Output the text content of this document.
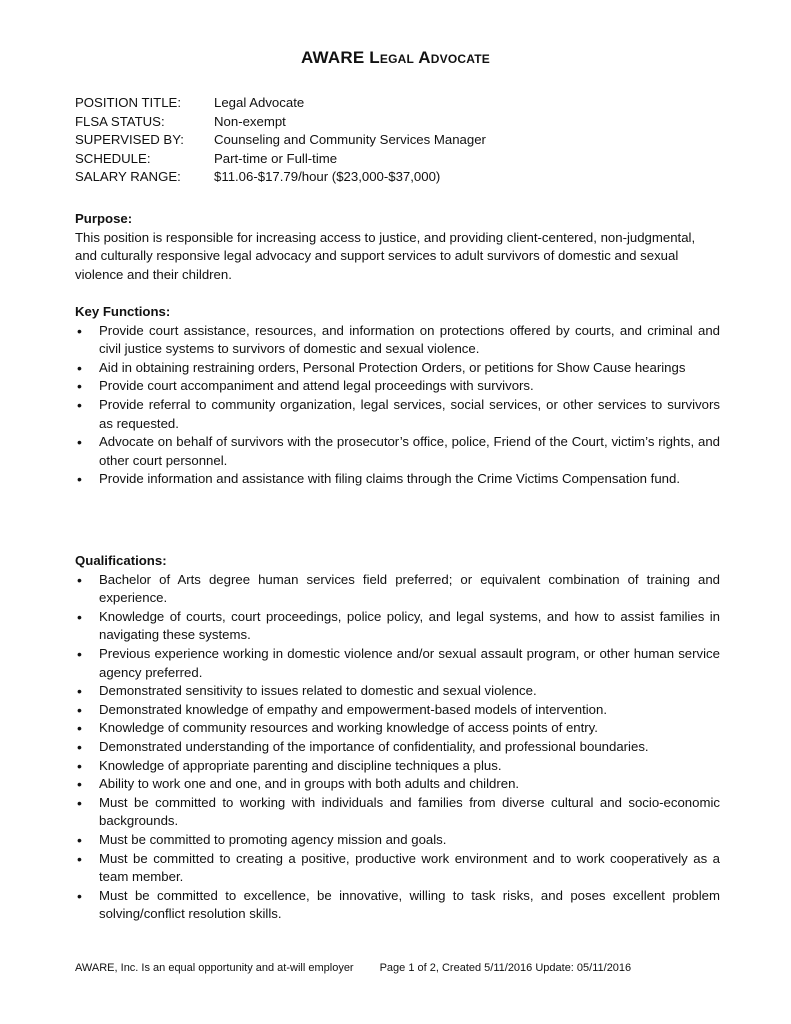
AWARE Legal Advocate
POSITION TITLE:	Legal Advocate
FLSA STATUS:	Non-exempt
SUPERVISED BY:	Counseling and Community Services Manager
SCHEDULE:	Part-time or Full-time
SALARY RANGE:	$11.06-$17.79/hour ($23,000-$37,000)
Purpose:

This position is responsible for increasing access to justice, and providing client-centered, non-judgmental, and culturally responsive legal advocacy and support services to adult survivors of domestic and sexual violence and their children.

Key Functions:
• Provide court assistance, resources, and information on protections offered by courts, and criminal and civil justice systems to survivors of domestic and sexual violence.
• Aid in obtaining restraining orders, Personal Protection Orders, or petitions for Show Cause hearings
• Provide court accompaniment and attend legal proceedings with survivors.
• Provide referral to community organization, legal services, social services, or other services to survivors as requested.
• Advocate on behalf of survivors with the prosecutor’s office, police, Friend of the Court, victim’s rights, and other court personnel.
• Provide information and assistance with filing claims through the Crime Victims Compensation fund.
Qualifications:
• Bachelor of Arts degree human services field preferred; or equivalent combination of training and experience.
• Knowledge of courts, court proceedings, police policy, and legal systems, and how to assist families in navigating these systems.
• Previous experience working in domestic violence and/or sexual assault program, or other human service agency preferred.
• Demonstrated sensitivity to issues related to domestic and sexual violence.
• Demonstrated knowledge of empathy and empowerment-based models of intervention.
• Knowledge of community resources and working knowledge of access points of entry.
• Demonstrated understanding of the importance of confidentiality, and professional boundaries.
• Knowledge of appropriate parenting and discipline techniques a plus.
• Ability to work one and one, and in groups with both adults and children.
• Must be committed to working with individuals and families from diverse cultural and socio-economic backgrounds.
• Must be committed to promoting agency mission and goals.
• Must be committed to creating a positive, productive work environment and to work cooperatively as a team member.
• Must be committed to excellence, be innovative, willing to task risks, and poses excellent problem solving/conflict resolution skills.
AWARE, Inc. Is an equal opportunity and at-will employer Page 1 of 2, Created 5/11/2016 Update: 05/11/2016
